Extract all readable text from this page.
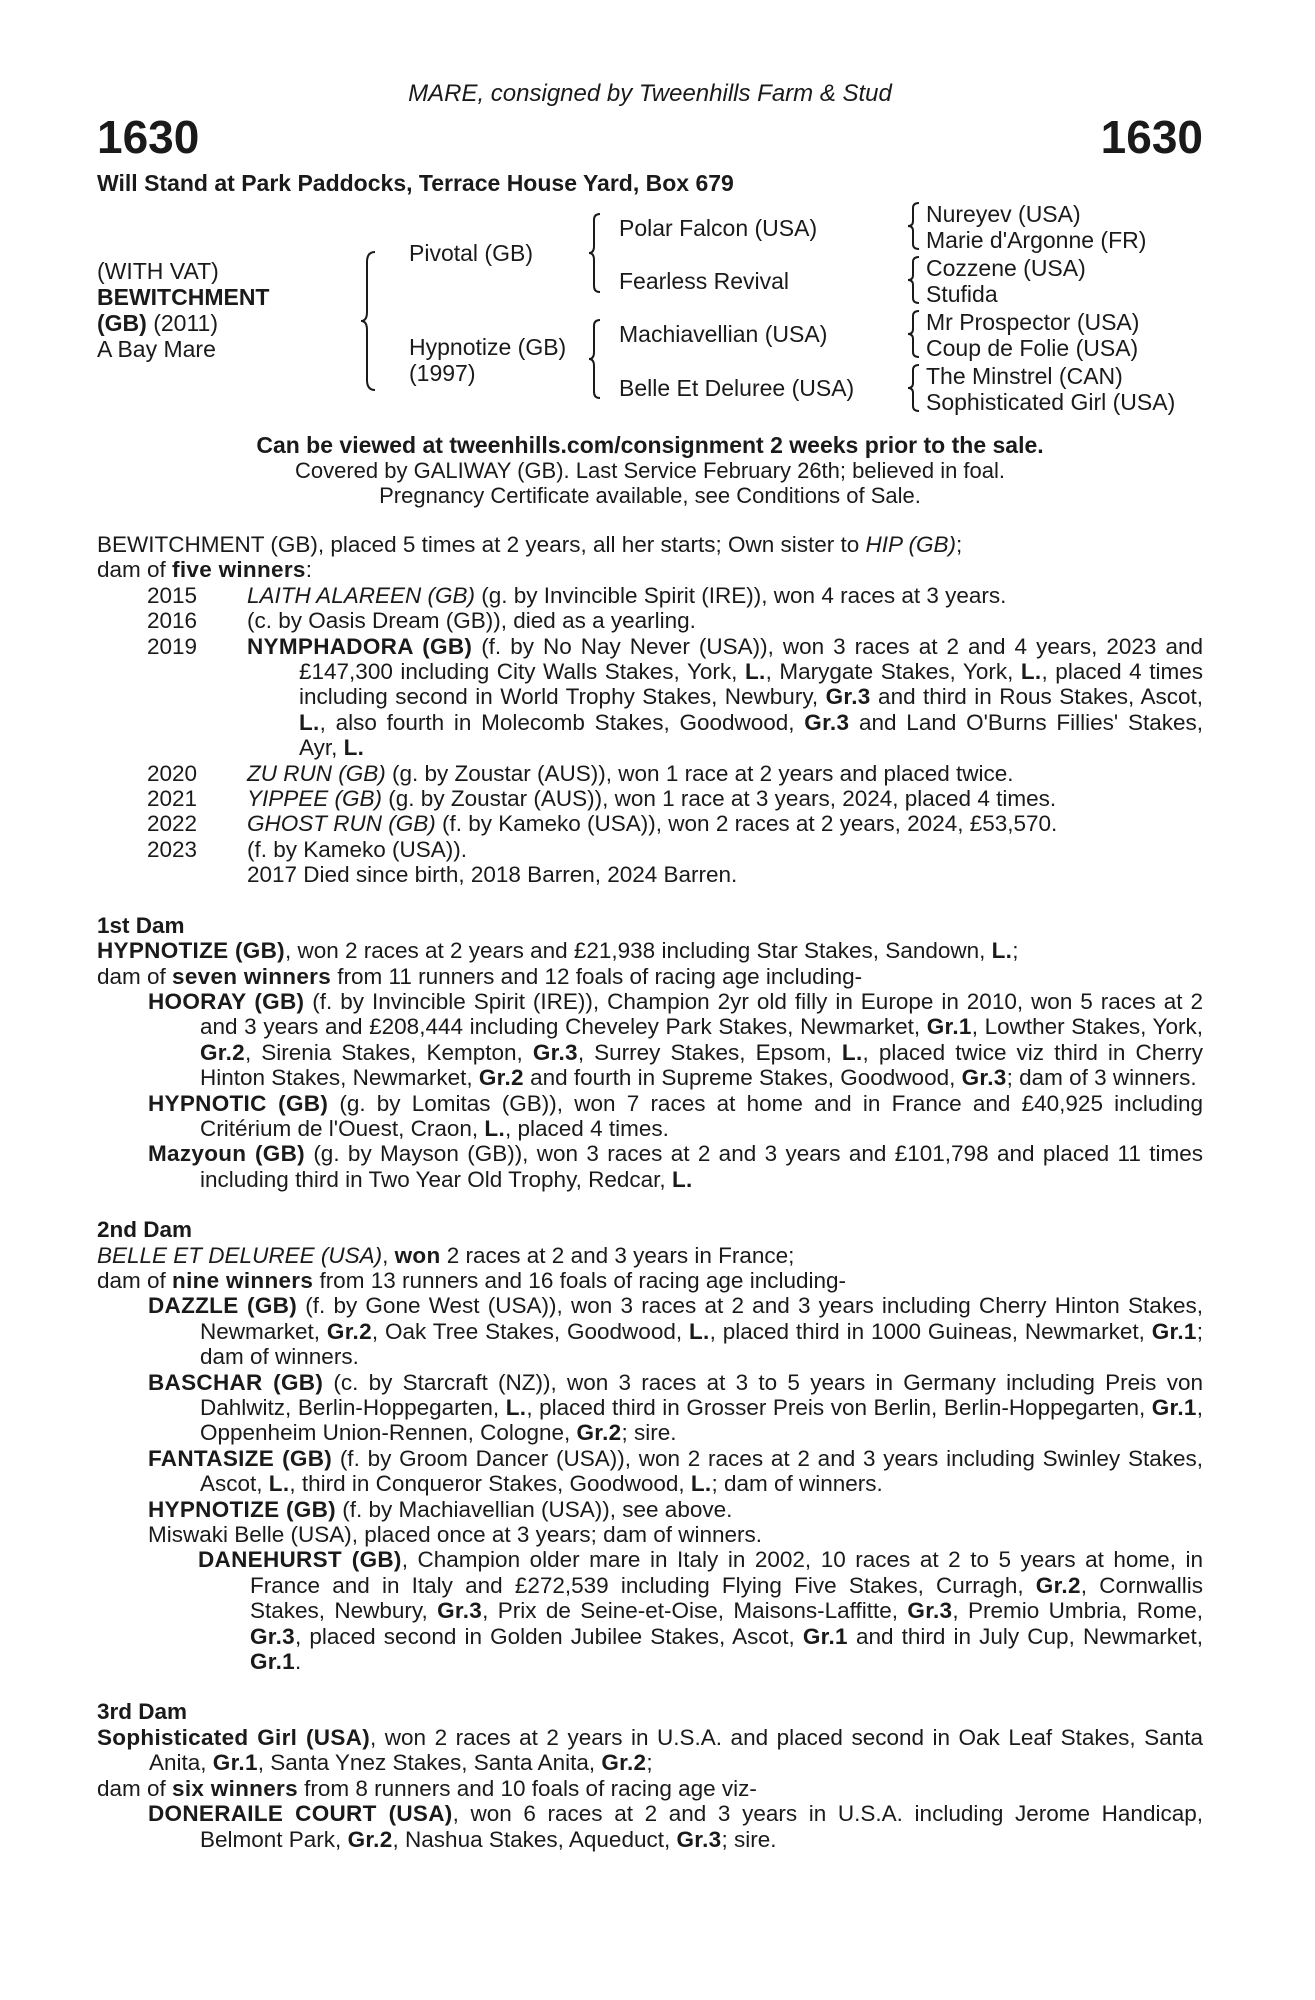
MARE, consigned by Tweenhills Farm & Stud
1630	1630
Will Stand at Park Paddocks, Terrace House Yard, Box 679
(WITH VAT)
BEWITCHMENT
(GB) (2011)
A Bay Mare
Pivotal (GB)
Hypnotize (GB)
(1997)
Polar Falcon (USA)
Fearless Revival
Machiavellian (USA)
Belle Et Deluree (USA)
Nureyev (USA)
Marie d'Argonne (FR)
Cozzene (USA)
Stufida
Mr Prospector (USA)
Coup de Folie (USA)
The Minstrel (CAN)
Sophisticated Girl (USA)
Can be viewed at tweenhills.com/consignment 2 weeks prior to the sale.
Covered by GALIWAY (GB). Last Service February 26th; believed in foal.
Pregnancy Certificate available, see Conditions of Sale.

BEWITCHMENT (GB), placed 5 times at 2 years, all her starts; Own sister to HIP (GB);

dam of five winners:

2015	LAITH ALAREEN (GB) (g. by Invincible Spirit (IRE)), won 4 races at 3 years.
2016	(c. by Oasis Dream (GB)), died as a yearling.
2019	NYMPHADORA (GB) (f. by No Nay Never (USA)), won 3 races at 2 and 4 years, 2023 and £147,300 including City Walls Stakes, York, L., Marygate Stakes, York, L., placed 4 times including second in World Trophy Stakes, Newbury, Gr.3 and third in Rous Stakes, Ascot, L., also fourth in Molecomb Stakes, Goodwood, Gr.3 and Land O'Burns Fillies' Stakes, Ayr, L.
2020	ZU RUN (GB) (g. by Zoustar (AUS)), won 1 race at 2 years and placed twice.
2021	YIPPEE (GB) (g. by Zoustar (AUS)), won 1 race at 3 years, 2024, placed 4 times.
2022	GHOST RUN (GB) (f. by Kameko (USA)), won 2 races at 2 years, 2024, £53,570.
2023	(f. by Kameko (USA)).
2017 Died since birth, 2018 Barren, 2024 Barren.

1st Dam

HYPNOTIZE (GB), won 2 races at 2 years and £21,938 including Star Stakes, Sandown, L.;

dam of seven winners from 11 runners and 12 foals of racing age including-

HOORAY (GB) (f. by Invincible Spirit (IRE)), Champion 2yr old filly in Europe in 2010, won 5 races at 2 and 3 years and £208,444 including Cheveley Park Stakes, Newmarket, Gr.1, Lowther Stakes, York, Gr.2, Sirenia Stakes, Kempton, Gr.3, Surrey Stakes, Epsom, L., placed twice viz third in Cherry Hinton Stakes, Newmarket, Gr.2 and fourth in Supreme Stakes, Goodwood, Gr.3; dam of 3 winners.

HYPNOTIC (GB) (g. by Lomitas (GB)), won 7 races at home and in France and £40,925 including Critérium de l'Ouest, Craon, L., placed 4 times.

Mazyoun (GB) (g. by Mayson (GB)), won 3 races at 2 and 3 years and £101,798 and placed 11 times including third in Two Year Old Trophy, Redcar, L.

2nd Dam

BELLE ET DELUREE (USA), won 2 races at 2 and 3 years in France;

dam of nine winners from 13 runners and 16 foals of racing age including-

DAZZLE (GB) (f. by Gone West (USA)), won 3 races at 2 and 3 years including Cherry Hinton Stakes, Newmarket, Gr.2, Oak Tree Stakes, Goodwood, L., placed third in 1000 Guineas, Newmarket, Gr.1; dam of winners.

BASCHAR (GB) (c. by Starcraft (NZ)), won 3 races at 3 to 5 years in Germany including Preis von Dahlwitz, Berlin-Hoppegarten, L., placed third in Grosser Preis von Berlin, Berlin-Hoppegarten, Gr.1, Oppenheim Union-Rennen, Cologne, Gr.2; sire.

FANTASIZE (GB) (f. by Groom Dancer (USA)), won 2 races at 2 and 3 years including Swinley Stakes, Ascot, L., third in Conqueror Stakes, Goodwood, L.; dam of winners.

HYPNOTIZE (GB) (f. by Machiavellian (USA)), see above.

Miswaki Belle (USA), placed once at 3 years; dam of winners.

DANEHURST (GB), Champion older mare in Italy in 2002, 10 races at 2 to 5 years at home, in France and in Italy and £272,539 including Flying Five Stakes, Curragh, Gr.2, Cornwallis Stakes, Newbury, Gr.3, Prix de Seine-et-Oise, Maisons-Laffitte, Gr.3, Premio Umbria, Rome, Gr.3, placed second in Golden Jubilee Stakes, Ascot, Gr.1 and third in July Cup, Newmarket, Gr.1.

3rd Dam

Sophisticated Girl (USA), won 2 races at 2 years in U.S.A. and placed second in Oak Leaf Stakes, Santa Anita, Gr.1, Santa Ynez Stakes, Santa Anita, Gr.2;

dam of six winners from 8 runners and 10 foals of racing age viz-

DONERAILE COURT (USA), won 6 races at 2 and 3 years in U.S.A. including Jerome Handicap, Belmont Park, Gr.2, Nashua Stakes, Aqueduct, Gr.3; sire.
